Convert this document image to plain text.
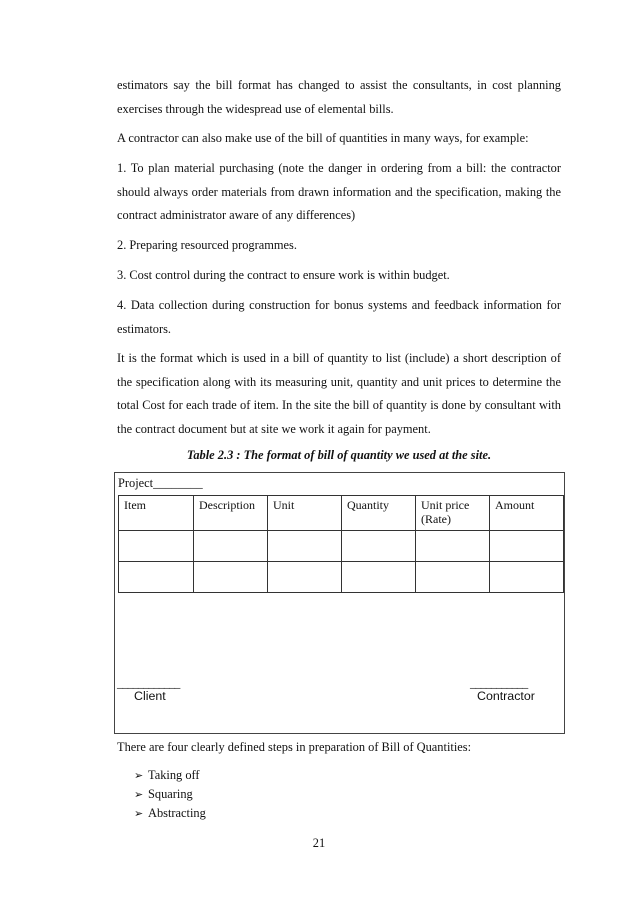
estimators say the bill format has changed to assist the consultants, in cost planning exercises through the widespread use of elemental bills.

A contractor can also make use of the bill of quantities in many ways, for example:

1. To plan material purchasing (note the danger in ordering from a bill: the contractor should always order materials from drawn information and the specification, making the contract administrator aware of any differences)

2. Preparing resourced programmes.

3. Cost control during the contract to ensure work is within budget.

4. Data collection during construction for bonus systems and feedback information for estimators.

It is the format which is used in a bill of quantity to list (include) a short description of the specification along with its measuring unit, quantity and unit prices to determine the total Cost for each trade of item. In the site the bill of quantity is done by consultant with the contract document but at site we work it again for payment.

Table 2.3 : The format of bill of quantity we used at the site.

Project________

Item	Description	Unit	Quantity	Unit price (Rate)	Amount

____________

Client

___________

Contractor

There are four clearly defined steps in preparation of Bill of Quantities:

➢ Taking off
➢ Squaring
➢ Abstracting

21
